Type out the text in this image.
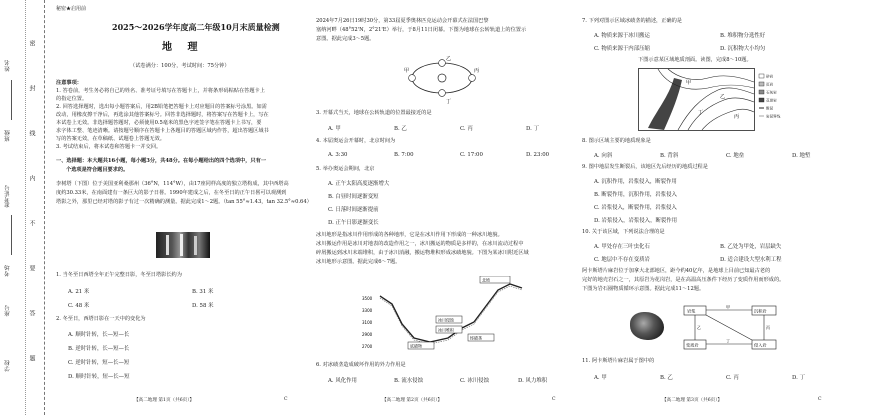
姓名
班级
准考证号
考场
座号
学校
密
封
线
内
不
要
答
题
秘密★启用前
2025～2026学年度高二年级10月末质量检测
地 理
（试卷满分：100分，考试时间：75分钟）
注意事项：
1. 答卷前，考生务必将自己的姓名、准考证号填写在答题卡上，并将条形码粘贴在答题卡上
的指定位置。
2. 回答选择题时，选出每小题答案后，用2B铅笔把答题卡上对应题目的答案标号涂黑。如需
改动，用橡皮擦干净后，再选涂其他答案标号。回答非选择题时，将答案写在答题卡上，写在
本试卷上无效。非选择题答题时，必须使用0.5毫米的黑色字迹签字笔在答题卡上书写，要
求字体工整、笔迹清晰。请按题号顺序在答题卡上各题目的答题区域内作答，超出答题区域书
写的答案无效，在草稿纸、试题卷上答题无效。
3. 考试结束后，将本试卷和答题卡一并交回。
一、选择题：本大题共16小题，每小题3分，共48分。在每小题给出的四个选项中，只有一
个选项是符合题目要求的。
李树塔（下图）位于美国亚利桑那州（36°N，114°W），由17座同样高度的独立塔构成，其中西塔高
度约30.33米，在南面建有一条巨大的影子日晷。1990年建成之后，在冬至日的正午日晷可以观测到
塔影之外，那里已经对塔的影子有过一次精确的测量。据此完成1～2题。（tan 55°≈1.43，tan 32.5°≈0.64）
1. 当冬至日西塔全年正午完整日影，冬至日塔影长约为
A. 21 米	B. 31 米
C. 48 米	D. 58 米
2. 冬至日，西塔日影在一天中的变化为
A. 顺时针转，长—短—长
B. 逆时针转，长—短—长
C. 逆时针转，短—长—短
D. 顺时针转，短—长—短
【高二地理 第1页（共6页）】	C
2024年7月26日19时30分，第33届夏季奥林匹克运动会开幕式在法国巴黎
塞纳河畔（48°52'N，2°21'E）举行，于8月11日闭幕。下图为地球在公转轨道上的位置示
意图。据此完成3～5题。
甲
乙
丙
丁
3. 开幕式当天，地球在公转轨道的位置最接近的是
A. 甲	B. 乙	C. 丙	D. 丁
4. 本届奥运会开幕时，北京时间为
A. 3:30	B. 7:00	C. 17:00	D. 23:00
5. 举办奥运会期间，北京
A. 正午太阳高度逐渐增大
B. 白昼时间逐渐变短
C. 日落时间逐渐提前
D. 正午日影逐渐变长
冰川地形是指冰川作用形成的各种地形，它是在冰川作用下形成的一种冰川地貌。
冰川搬运作用是冰川对地表的改造作用之一，冰川搬运的物质是多样的，在冰川流动过程中
碎屑搬运到冰川末端堆积，由于冰川消融，搬运物堆积形成冰碛地貌。下图为某冰川附近区域
冰川地形示意图。据此完成6～7题。
3500
3300
3100
2900
2700
冰川侵蚀
冰川堆积
底碛物
终碛垄
北坡
6. 对冰碛垄造成破坏作用的外力作用是
A. 风化作用	B. 流水侵蚀	C. 冰川侵蚀	D. 风力堆积
【高二地理 第2页（共6页）】	C
7. 下列对图示区域冰碛垄的描述，正确的是
A. 物质来源于冰川搬运	B. 堆积物分选性好
C. 物质来源于内部压缩	D. 沉积物大小均匀
下图示意某区域地质剖面。读图，完成8～10题。
甲
乙
丙
丁
砂岩
页岩
石灰岩
花岗岩
断层
岩层界线
8. 图示区域主要的地质现象是
A. 向斜	B. 背斜	C. 地垒	D. 地堑
9. 图中地层发生断裂后，该地区先后经历的地质过程是
A. 沉积作用，岩浆侵入，断裂作用
B. 断裂作用，沉积作用，岩浆侵入
C. 岩浆侵入，断裂作用，岩浆侵入
D. 岩浆侵入，岩浆侵入，断裂作用
10. 关于该区域，下列说法合理的是
A. 甲处存在三叶虫化石	B. 乙处为甲处，岩层缺失
C. 地层中不存在变质岩	D. 适合建设大型水利工程
阿卡斯塔片麻岩位于加拿大北部地区，距今约40亿年，是地球上目前已知最古老的
完好的地壳岩石之一，其原岩为花岗岩，是在高温高压条件下经历了变质作用而形成的。
下图为岩石圈物质循环示意图。据此完成11～12题。
岩浆	沉积岩
变质岩	侵入岩
甲
乙	丙
丁
11. 阿卡斯塔片麻岩属于图中的
A. 甲	B. 乙	C. 丙	D. 丁
【高二地理 第3页（共6页）】	C
